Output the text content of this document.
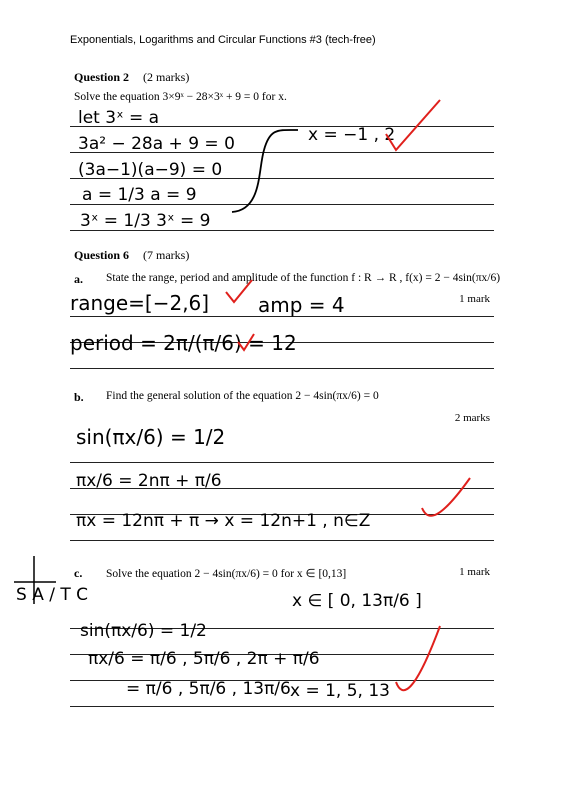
Exponentials, Logarithms and Circular Functions #3 (tech-free)
Question 2 (2 marks)
Solve the equation 3×9ˣ − 28×3ˣ + 9 = 0 for x.
Question 6 (7 marks)
a. State the range, period and amplitude of the function f : R → R , f(x) = 2 − 4sin(πx/6)
1 mark
b. Find the general solution of the equation 2 − 4sin(πx/6) = 0
2 marks
c. Solve the equation 2 − 4sin(πx/6) = 0 for x ∈ [0,13]	1 mark
let 3ˣ = a
3a² − 28a + 9 = 0
(3a−1)(a−9) = 0
a = 1/3 a = 9
3ˣ = 1/3 3ˣ = 9
x = −1 , 2
range=[−2,6] amp = 4
period = 2π/(π/6) = 12
sin(πx/6) = 1/2
πx/6 = 2nπ + π/6
πx = 12nπ + π → x = 12n+1 , n∈Z
S A / T C	x ∈ [ 0, 13π/6 ]
sin(πx/6) = 1/2
πx/6 = π/6 , 5π/6 , 2π + π/6
= π/6 , 5π/6 , 13π/6 x = 1, 5, 13
